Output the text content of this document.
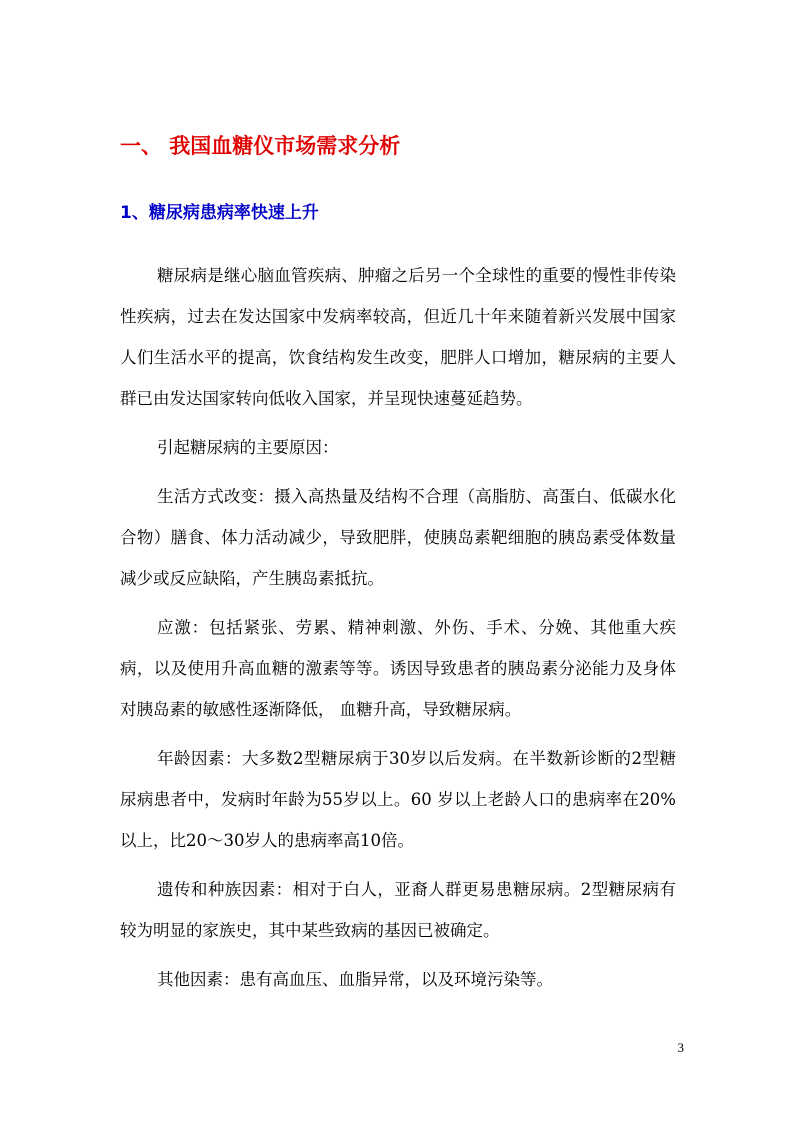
一、 我国血糖仪市场需求分析
1、糖尿病患病率快速上升

糖尿病是继心脑血管疾病、肿瘤之后另一个全球性的重要的慢性非传染性疾病，过去在发达国家中发病率较高，但近几十年来随着新兴发展中国家人们生活水平的提高，饮食结构发生改变，肥胖人口增加，糖尿病的主要人群已由发达国家转向低收入国家，并呈现快速蔓延趋势。

引起糖尿病的主要原因：

生活方式改变：摄入高热量及结构不合理（高脂肪、高蛋白、低碳水化合物）膳食、体力活动减少，导致肥胖，使胰岛素靶细胞的胰岛素受体数量减少或反应缺陷，产生胰岛素抵抗。

应激：包括紧张、劳累、精神刺激、外伤、手术、分娩、其他重大疾病，以及使用升高血糖的激素等等。诱因导致患者的胰岛素分泌能力及身体对胰岛素的敏感性逐渐降低， 血糖升高，导致糖尿病。

年龄因素：大多数2型糖尿病于30岁以后发病。在半数新诊断的2型糖尿病患者中，发病时年龄为55岁以上。60 岁以上老龄人口的患病率在20%以上，比20～30岁人的患病率高10倍。

遗传和种族因素：相对于白人，亚裔人群更易患糖尿病。2型糖尿病有较为明显的家族史，其中某些致病的基因已被确定。

其他因素：患有高血压、血脂异常，以及环境污染等。

3
